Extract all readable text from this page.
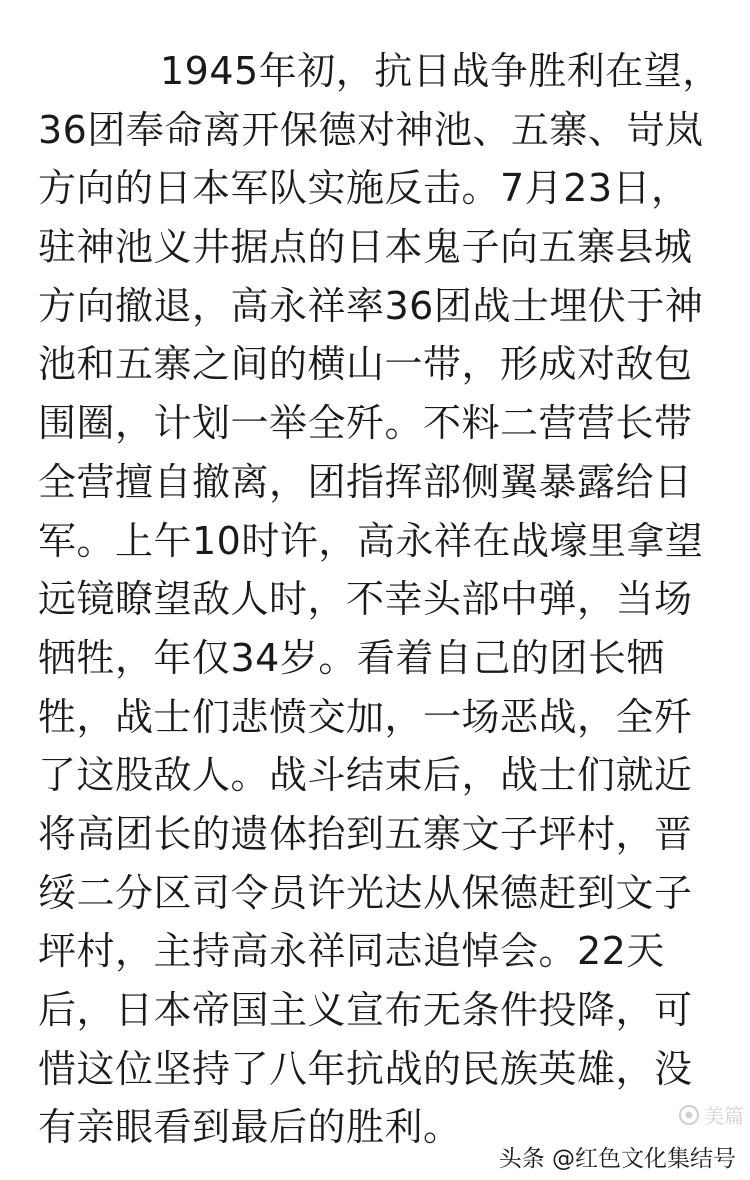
1945年初，抗日战争胜利在望，
36团奉命离开保德对神池、五寨、岢岚
方向的日本军队实施反击。7月23日，
驻神池义井据点的日本鬼子向五寨县城
方向撤退，高永祥率36团战士埋伏于神
池和五寨之间的横山一带，形成对敌包
围圈，计划一举全歼。不料二营营长带
全营擅自撤离，团指挥部侧翼暴露给日
军。上午10时许，高永祥在战壕里拿望
远镜瞭望敌人时，不幸头部中弹，当场
牺牲，年仅34岁。看着自己的团长牺
牲，战士们悲愤交加，一场恶战，全歼
了这股敌人。战斗结束后，战士们就近
将高团长的遗体抬到五寨文子坪村，晋
绥二分区司令员许光达从保德赶到文子
坪村，主持高永祥同志追悼会。22天
后，日本帝国主义宣布无条件投降，可
惜这位坚持了八年抗战的民族英雄，没
有亲眼看到最后的胜利。	美篇
头条 @红色文化集结号
